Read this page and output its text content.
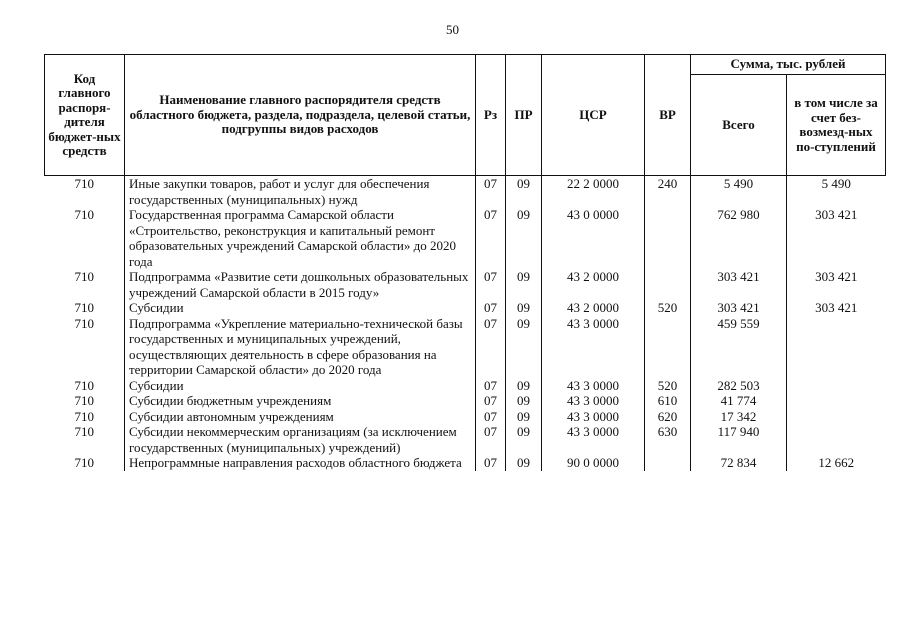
50
Код главного распоря-дителя бюджет-ных средств	Наименование главного распорядителя средств областного бюджета, раздела, подраздела, целевой статьи, подгруппы видов расходов	Рз	ПР	ЦСР	ВР	Сумма, тыс. рублей	
						Всего	в том числе за счет без-возмезд-ных по-ступлений
710	Иные закупки товаров, работ и услуг для обеспечения государственных (муниципальных) нужд	07	09	22 2 0000	240	5 490	5 490
710	Государственная программа Самарской области «Строительство, реконструкция и капитальный ремонт образовательных учреждений Самарской области» до 2020 года	07	09	43 0 0000		762 980	303 421
710	Подпрограмма «Развитие сети дошкольных образовательных учреждений Самарской области в 2015 году»	07	09	43 2 0000		303 421	303 421
710	Субсидии	07	09	43 2 0000	520	303 421	303 421
710	Подпрограмма «Укрепление материально-технической базы государственных и муниципальных учреждений, осуществляющих деятельность в сфере образования на территории Самарской области» до 2020 года	07	09	43 3 0000		459 559	
710	Субсидии	07	09	43 3 0000	520	282 503	
710	Субсидии бюджетным учреждениям	07	09	43 3 0000	610	41 774	
710	Субсидии автономным учреждениям	07	09	43 3 0000	620	17 342	
710	Субсидии некоммерческим организациям (за исключением государственных (муниципальных) учреждений)	07	09	43 3 0000	630	117 940	
710	Непрограммные направления расходов областного бюджета	07	09	90 0 0000		72 834	12 662
